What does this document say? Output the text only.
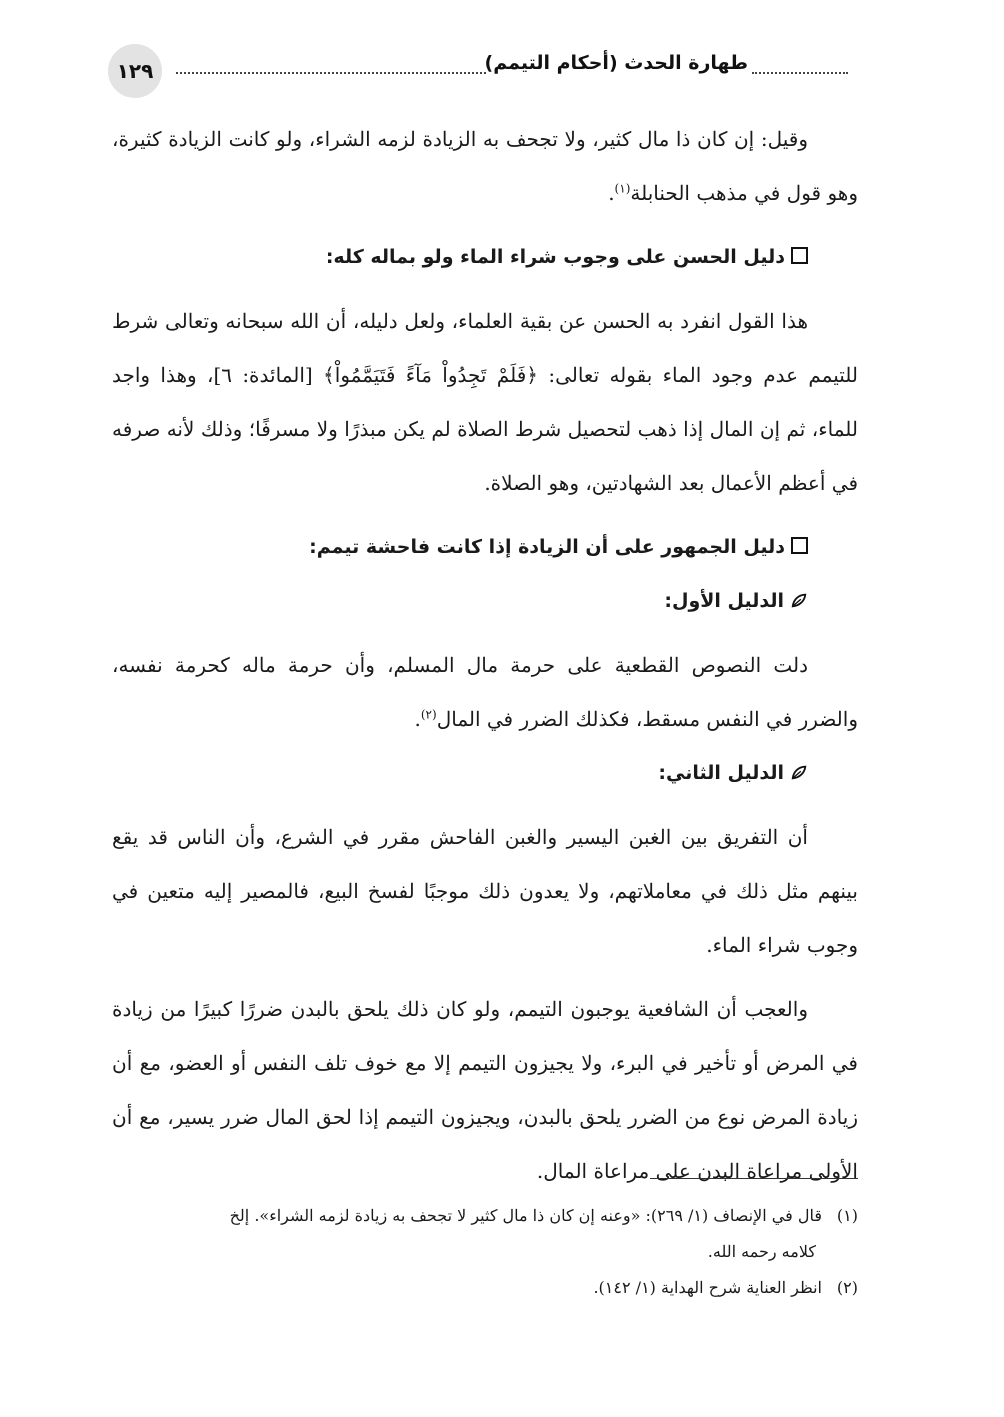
١٢٩	طهارة الحدث (أحكام التيمم)

وقيل: إن كان ذا مال كثير، ولا تجحف به الزيادة لزمه الشراء، ولو كانت الزيادة كثيرة، وهو قول في مذهب الحنابلة$^{(١)}$.

دليل الحسن على وجوب شراء الماء ولو بماله كله:

هذا القول انفرد به الحسن عن بقية العلماء، ولعل دليله، أن الله سبحانه وتعالى شرط للتيمم عدم وجود الماء بقوله تعالى: ﴿فَلَمْ تَجِدُواْ مَآءً فَتَيَمَّمُواْ﴾ [المائدة: ٦]، وهذا واجد للماء، ثم إن المال إذا ذهب لتحصيل شرط الصلاة لم يكن مبذرًا ولا مسرفًا؛ وذلك لأنه صرفه في أعظم الأعمال بعد الشهادتين، وهو الصلاة.

دليل الجمهور على أن الزيادة إذا كانت فاحشة تيمم:

الدليل الأول:

دلت النصوص القطعية على حرمة مال المسلم، وأن حرمة ماله كحرمة نفسه، والضرر في النفس مسقط، فكذلك الضرر في المال$^{(٢)}$.

الدليل الثاني:

أن التفريق بين الغبن اليسير والغبن الفاحش مقرر في الشرع، وأن الناس قد يقع بينهم مثل ذلك في معاملاتهم، ولا يعدون ذلك موجبًا لفسخ البيع، فالمصير إليه متعين في وجوب شراء الماء.

والعجب أن الشافعية يوجبون التيمم، ولو كان ذلك يلحق بالبدن ضررًا كبيرًا من زيادة في المرض أو تأخير في البرء، ولا يجيزون التيمم إلا مع خوف تلف النفس أو العضو، مع أن زيادة المرض نوع من الضرر يلحق بالبدن، ويجيزون التيمم إذا لحق المال ضرر يسير، مع أن الأولى مراعاة البدن على مراعاة المال.

(١)قال في الإنصاف (١/ ٢٦٩): «وعنه إن كان ذا مال كثير لا تجحف به زيادة لزمه الشراء». إلخ

كلامه رحمه الله.

(٢)انظر العناية شرح الهداية (١/ ١٤٢).
